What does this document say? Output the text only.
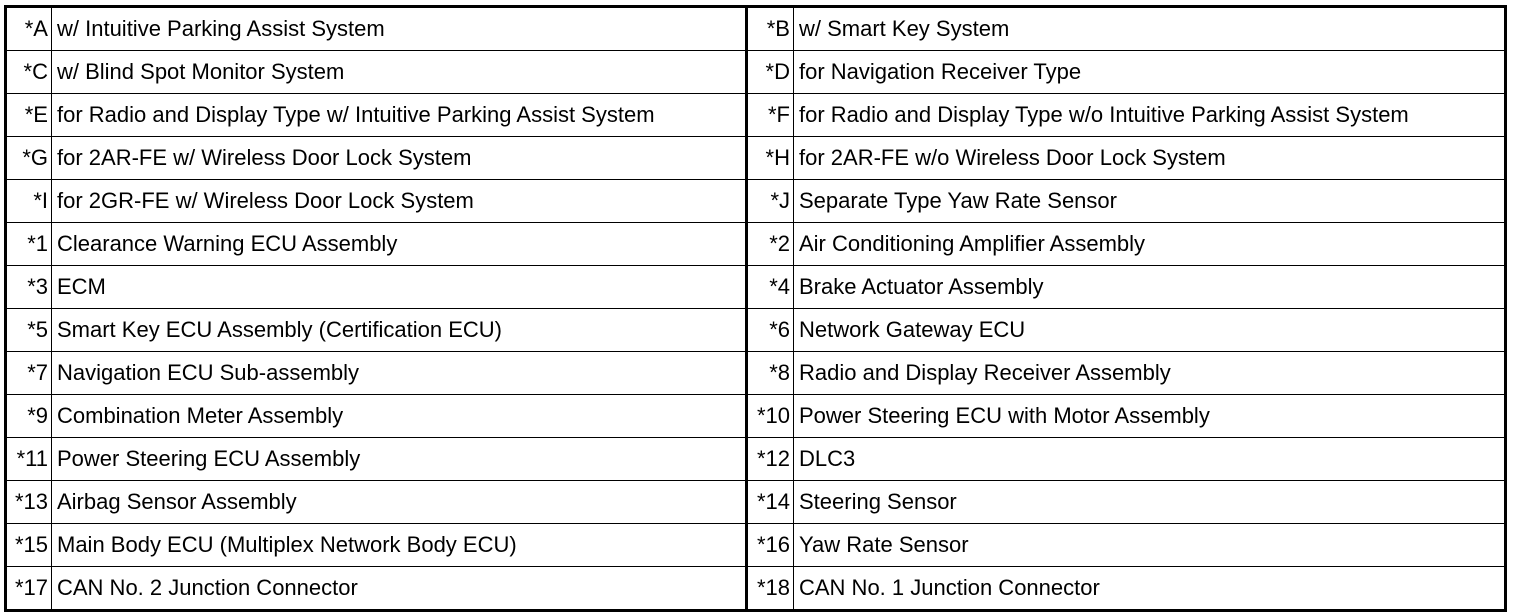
*A	w/ Intuitive Parking Assist System	*B	w/ Smart Key System
*C	w/ Blind Spot Monitor System	*D	for Navigation Receiver Type
*E	for Radio and Display Type w/ Intuitive Parking Assist System	*F	for Radio and Display Type w/o Intuitive Parking Assist System
*G	for 2AR-FE w/ Wireless Door Lock System	*H	for 2AR-FE w/o Wireless Door Lock System
*I	for 2GR-FE w/ Wireless Door Lock System	*J	Separate Type Yaw Rate Sensor
*1	Clearance Warning ECU Assembly	*2	Air Conditioning Amplifier Assembly
*3	ECM	*4	Brake Actuator Assembly
*5	Smart Key ECU Assembly (Certification ECU)	*6	Network Gateway ECU
*7	Navigation ECU Sub-assembly	*8	Radio and Display Receiver Assembly
*9	Combination Meter Assembly	*10	Power Steering ECU with Motor Assembly
*11	Power Steering ECU Assembly	*12	DLC3
*13	Airbag Sensor Assembly	*14	Steering Sensor
*15	Main Body ECU (Multiplex Network Body ECU)	*16	Yaw Rate Sensor
*17	CAN No. 2 Junction Connector	*18	CAN No. 1 Junction Connector
